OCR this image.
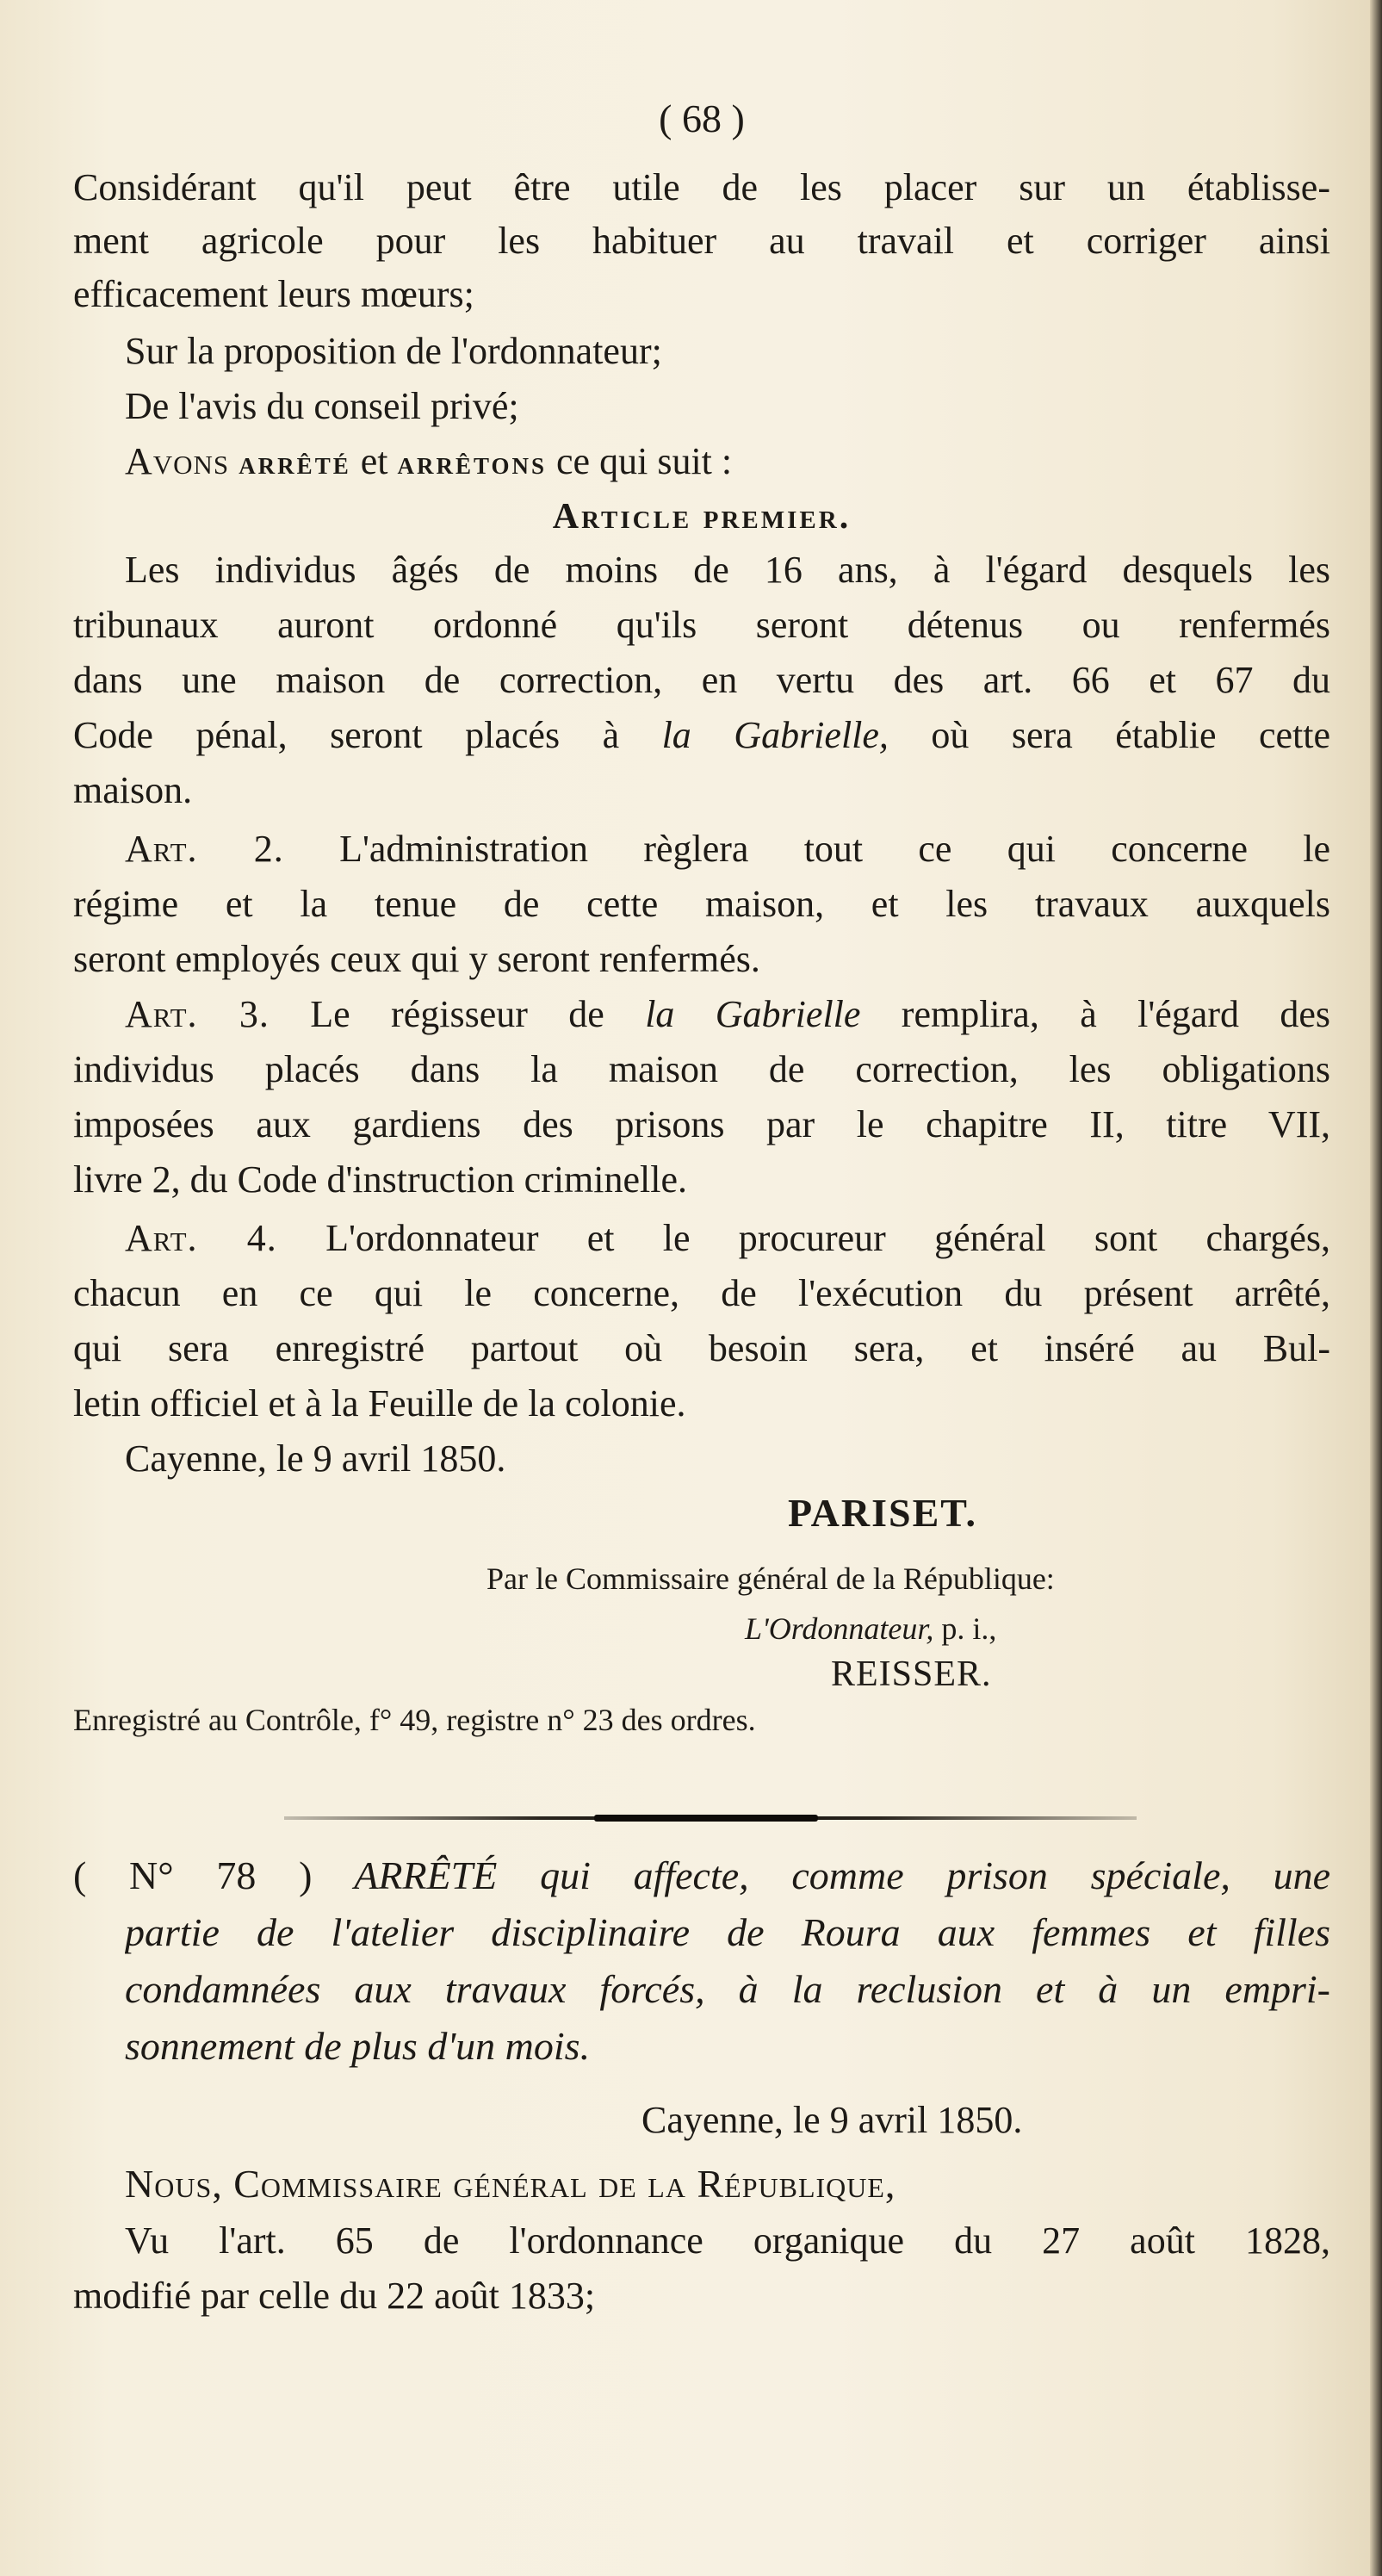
( 68 )
Considérant qu'il peut être utile de les placer sur un établisse-
ment agricole pour les habituer au travail et corriger ainsi
efficacement leurs mœurs;
Sur la proposition de l'ordonnateur;
De l'avis du conseil privé;
Avons arrêté et arrêtons ce qui suit :
Article premier.
Les individus âgés de moins de 16 ans, à l'égard desquels les
tribunaux auront ordonné qu'ils seront détenus ou renfermés
dans une maison de correction, en vertu des art. 66 et 67 du
Code pénal, seront placés à la Gabrielle, où sera établie cette
maison.
Art. 2. L'administration règlera tout ce qui concerne le
régime et la tenue de cette maison, et les travaux auxquels
seront employés ceux qui y seront renfermés.
Art. 3. Le régisseur de la Gabrielle remplira, à l'égard des
individus placés dans la maison de correction, les obligations
imposées aux gardiens des prisons par le chapitre II, titre VII,
livre 2, du Code d'instruction criminelle.
Art. 4. L'ordonnateur et le procureur général sont chargés,
chacun en ce qui le concerne, de l'exécution du présent arrêté,
qui sera enregistré partout où besoin sera, et inséré au Bul-
letin officiel et à la Feuille de la colonie.
Cayenne, le 9 avril 1850.
PARISET.
Par le Commissaire général de la République:
L'Ordonnateur, p. i.,
REISSER.
Enregistré au Contrôle, f° 49, registre n° 23 des ordres.
( N° 78 ) ARRÊTÉ qui affecte, comme prison spéciale, une
partie de l'atelier disciplinaire de Roura aux femmes et filles
condamnées aux travaux forcés, à la reclusion et à un empri-
sonnement de plus d'un mois.
Cayenne, le 9 avril 1850.
Nous, Commissaire général de la République,
Vu l'art. 65 de l'ordonnance organique du 27 août 1828,
modifié par celle du 22 août 1833;
